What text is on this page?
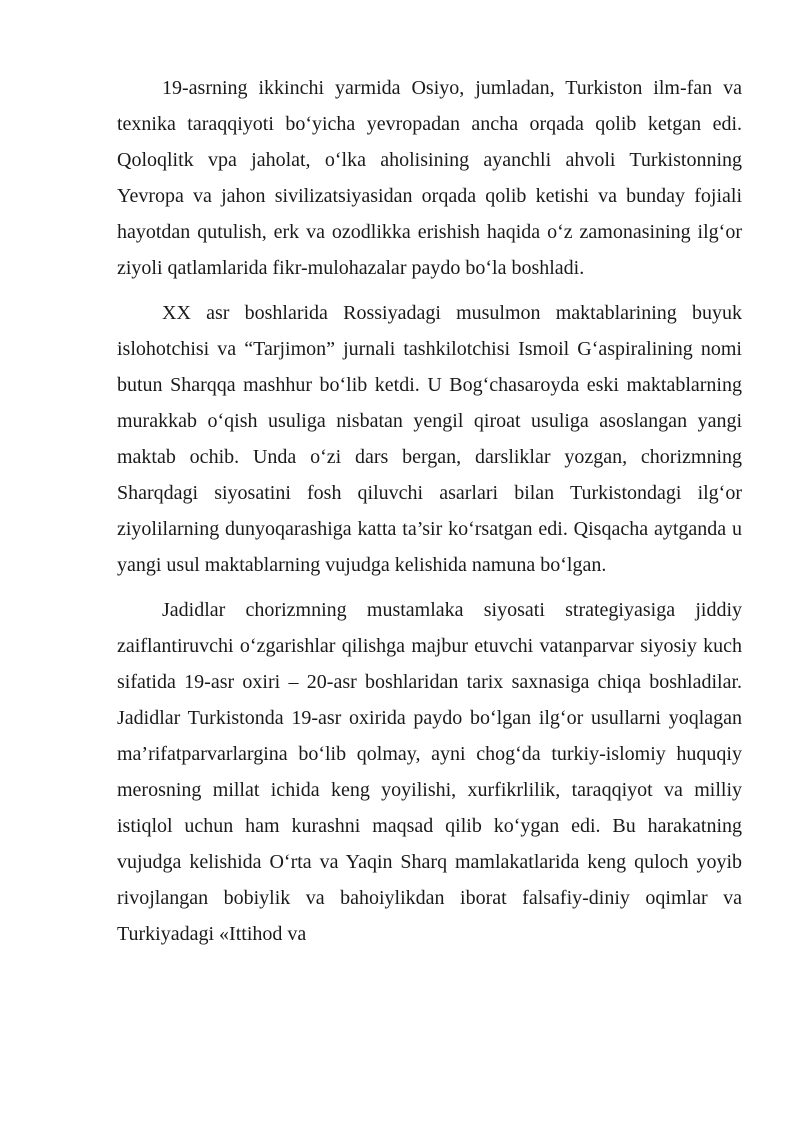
19-asrning ikkinchi yarmida Osiyo, jumladan, Turkiston ilm-fan va texnika taraqqiyoti bo‘yicha yevropadan ancha orqada qolib ketgan edi. Qoloqlitk vpa jaholat, o‘lka aholisining ayanchli ahvoli Turkistonning Yevropa va jahon sivilizatsiyasidan orqada qolib ketishi va bunday fojiali hayotdan qutulish, erk va ozodlikka erishish haqida o‘z zamonasining ilg‘or ziyoli qatlamlarida fikr-mulohazalar paydo bo‘la boshladi.

XX asr boshlarida Rossiyadagi musulmon maktablarining buyuk islohotchisi va “Tarjimon” jurnali tashkilotchisi Ismoil G‘aspiralining nomi butun Sharqqa mashhur bo‘lib ketdi. U Bog‘chasaroyda eski maktablarning murakkab o‘qish usuliga nisbatan yengil qiroat usuliga asoslangan yangi maktab ochib. Unda o‘zi dars bergan, darsliklar yozgan, chorizmning Sharqdagi siyosatini fosh qiluvchi asarlari bilan Turkistondagi ilg‘or ziyolilarning dunyoqarashiga katta ta’sir ko‘rsatgan edi. Qisqacha aytganda u yangi usul maktablarning vujudga kelishida namuna bo‘lgan.

Jadidlar chorizmning mustamlaka siyosati strategiyasiga jiddiy zaiflantiruvchi o‘zgarishlar qilishga majbur etuvchi vatanparvar siyosiy kuch sifatida 19-asr oxiri – 20-asr boshlaridan tarix saxnasiga chiqa boshladilar. Jadidlar Turkistonda 19-asr oxirida paydo bo‘lgan ilg‘or usullarni yoqlagan ma’rifatparvarlargina bo‘lib qolmay, ayni chog‘da turkiy-islomiy huquqiy merosning millat ichida keng yoyilishi, xurfikrlilik, taraqqiyot va milliy istiqlol uchun ham kurashni maqsad qilib ko‘ygan edi. Bu harakatning vujudga kelishida O‘rta va Yaqin Sharq mamlakatlarida keng quloch yoyib rivojlangan bobiylik va bahoiylikdan iborat falsafiy-diniy oqimlar va Turkiyadagi «Ittihod va
